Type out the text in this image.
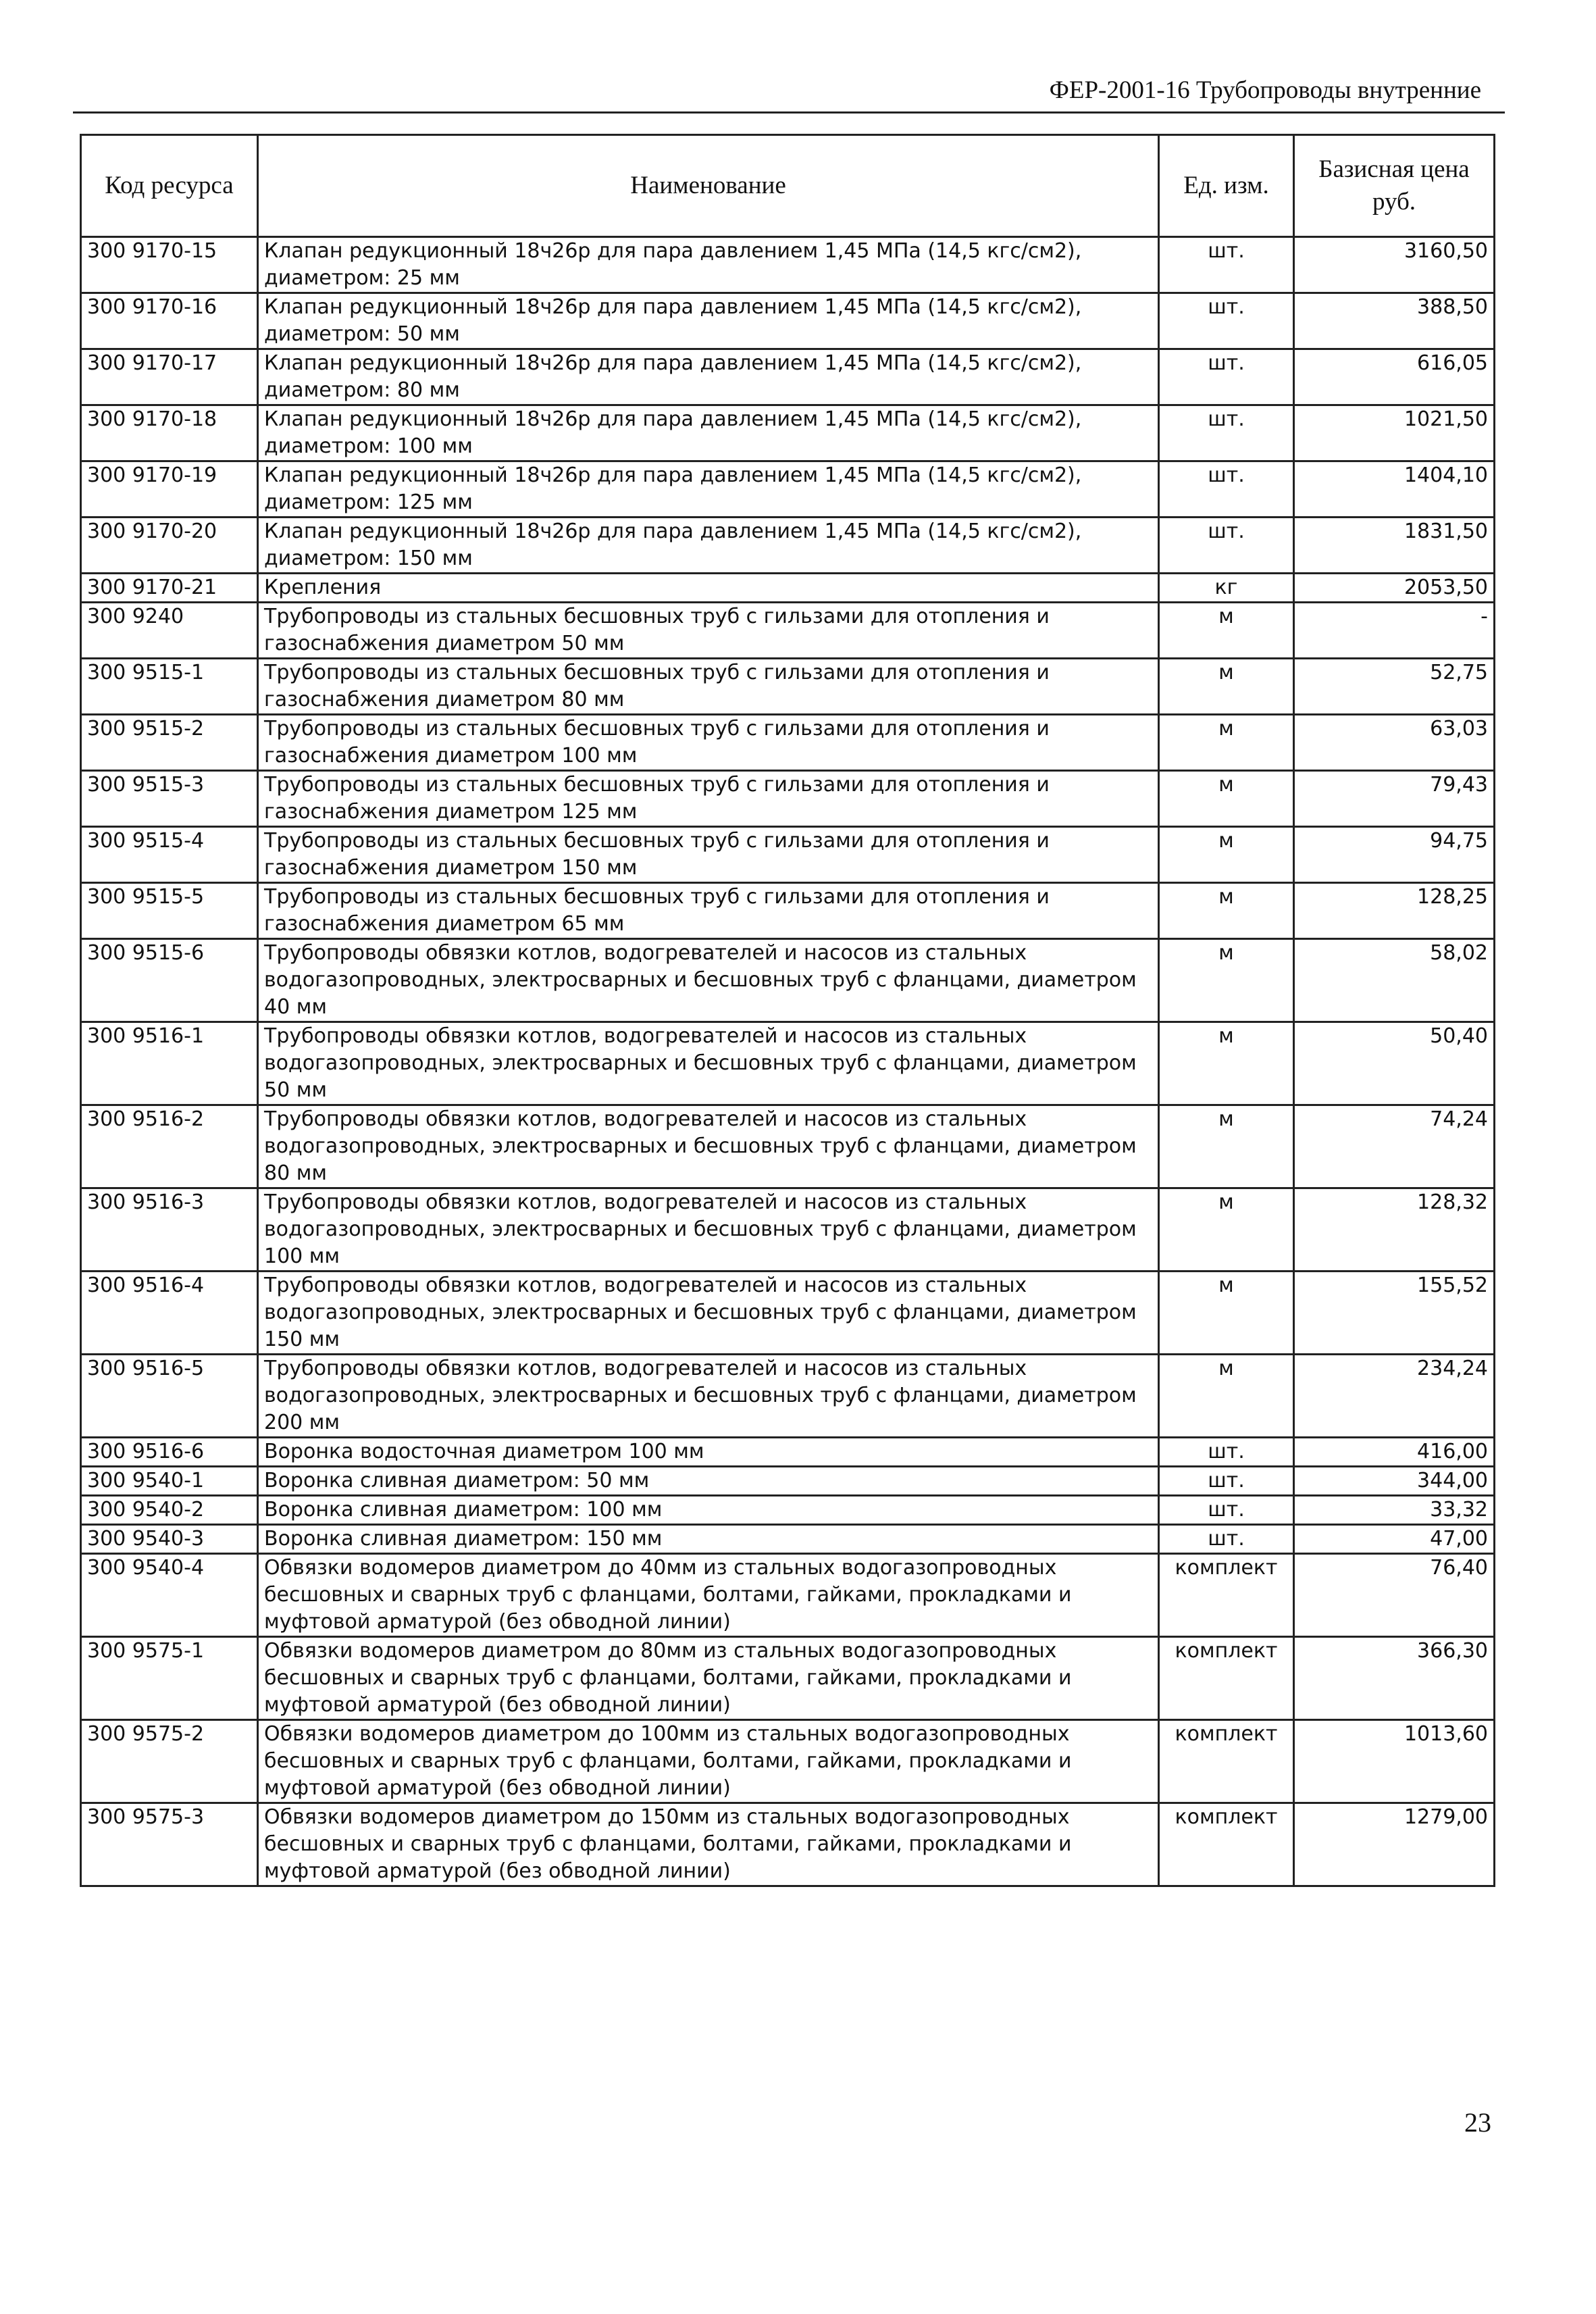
ФЕР-2001-16 Трубопроводы внутренние
Код ресурса	Наименование	Ед. изм.	Базисная цена руб.
300 9170-15	Клапан редукционный 18ч26р для пара давлением 1,45 МПа (14,5 кгс/см2), диаметром: 25 мм	шт.	3160,50
300 9170-16	Клапан редукционный 18ч26р для пара давлением 1,45 МПа (14,5 кгс/см2), диаметром: 50 мм	шт.	388,50
300 9170-17	Клапан редукционный 18ч26р для пара давлением 1,45 МПа (14,5 кгс/см2), диаметром: 80 мм	шт.	616,05
300 9170-18	Клапан редукционный 18ч26р для пара давлением 1,45 МПа (14,5 кгс/см2), диаметром: 100 мм	шт.	1021,50
300 9170-19	Клапан редукционный 18ч26р для пара давлением 1,45 МПа (14,5 кгс/см2), диаметром: 125 мм	шт.	1404,10
300 9170-20	Клапан редукционный 18ч26р для пара давлением 1,45 МПа (14,5 кгс/см2), диаметром: 150 мм	шт.	1831,50
300 9170-21	Крепления	кг	2053,50
300 9240	Трубопроводы из стальных бесшовных труб с гильзами для отопления и газоснабжения диаметром 50 мм	м	-
300 9515-1	Трубопроводы из стальных бесшовных труб с гильзами для отопления и газоснабжения диаметром 80 мм	м	52,75
300 9515-2	Трубопроводы из стальных бесшовных труб с гильзами для отопления и газоснабжения диаметром 100 мм	м	63,03
300 9515-3	Трубопроводы из стальных бесшовных труб с гильзами для отопления и газоснабжения диаметром 125 мм	м	79,43
300 9515-4	Трубопроводы из стальных бесшовных труб с гильзами для отопления и газоснабжения диаметром 150 мм	м	94,75
300 9515-5	Трубопроводы из стальных бесшовных труб с гильзами для отопления и газоснабжения диаметром 65 мм	м	128,25
300 9515-6	Трубопроводы обвязки котлов, водогревателей и насосов из стальных водогазопроводных, электросварных и бесшовных труб с фланцами, диаметром 40 мм	м	58,02
300 9516-1	Трубопроводы обвязки котлов, водогревателей и насосов из стальных водогазопроводных, электросварных и бесшовных труб с фланцами, диаметром 50 мм	м	50,40
300 9516-2	Трубопроводы обвязки котлов, водогревателей и насосов из стальных водогазопроводных, электросварных и бесшовных труб с фланцами, диаметром 80 мм	м	74,24
300 9516-3	Трубопроводы обвязки котлов, водогревателей и насосов из стальных водогазопроводных, электросварных и бесшовных труб с фланцами, диаметром 100 мм	м	128,32
300 9516-4	Трубопроводы обвязки котлов, водогревателей и насосов из стальных водогазопроводных, электросварных и бесшовных труб с фланцами, диаметром 150 мм	м	155,52
300 9516-5	Трубопроводы обвязки котлов, водогревателей и насосов из стальных водогазопроводных, электросварных и бесшовных труб с фланцами, диаметром 200 мм	м	234,24
300 9516-6	Воронка водосточная диаметром 100 мм	шт.	416,00
300 9540-1	Воронка сливная диаметром: 50 мм	шт.	344,00
300 9540-2	Воронка сливная диаметром: 100 мм	шт.	33,32
300 9540-3	Воронка сливная диаметром: 150 мм	шт.	47,00
300 9540-4	Обвязки водомеров диаметром до 40мм из стальных водогазопроводных бесшовных и сварных труб с фланцами, болтами, гайками, прокладками и муфтовой арматурой (без обводной линии)	комплект	76,40
300 9575-1	Обвязки водомеров диаметром до 80мм из стальных водогазопроводных бесшовных и сварных труб с фланцами, болтами, гайками, прокладками и муфтовой арматурой (без обводной линии)	комплект	366,30
300 9575-2	Обвязки водомеров диаметром до 100мм из стальных водогазопроводных бесшовных и сварных труб с фланцами, болтами, гайками, прокладками и муфтовой арматурой (без обводной линии)	комплект	1013,60
300 9575-3	Обвязки водомеров диаметром до 150мм из стальных водогазопроводных бесшовных и сварных труб с фланцами, болтами, гайками, прокладками и муфтовой арматурой (без обводной линии)	комплект	1279,00
23
